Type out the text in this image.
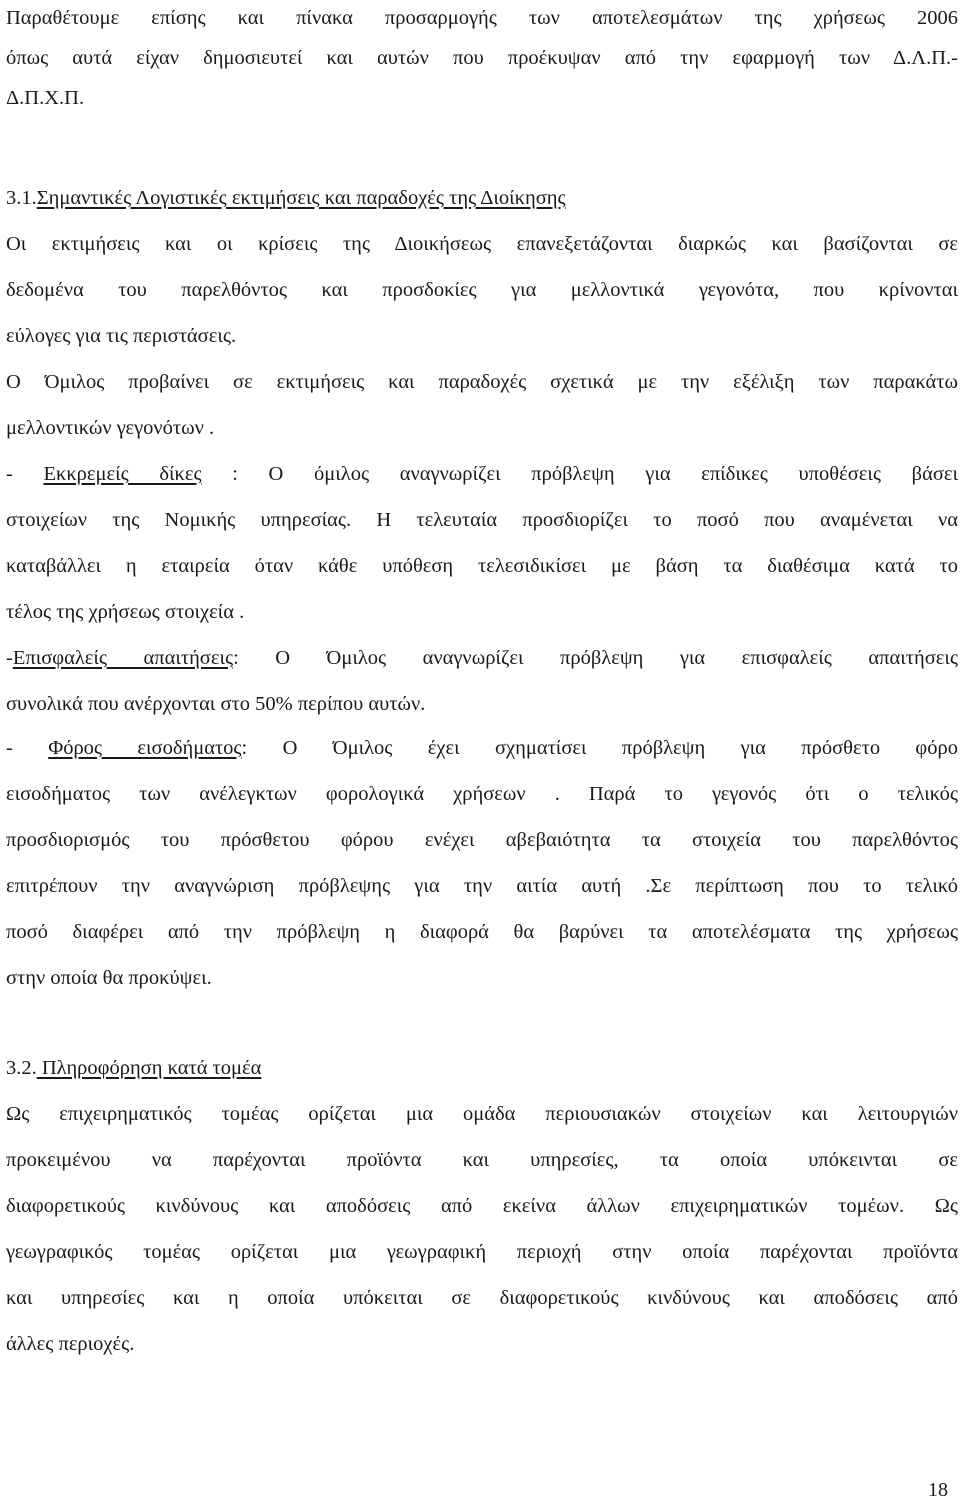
Παραθέτουμε επίσης και πίνακα προσαρμογής των αποτελεσμάτων της χρήσεως 2006
όπως αυτά είχαν δημοσιευτεί και αυτών που προέκυψαν από την εφαρμογή των Δ.Λ.Π.-
Δ.Π.Χ.Π.
3.1.Σημαντικές Λογιστικές εκτιμήσεις και παραδοχές της Διοίκησης
Οι εκτιμήσεις και οι κρίσεις της Διοικήσεως επανεξετάζονται διαρκώς και βασίζονται σε
δεδομένα του παρελθόντος και προσδοκίες για μελλοντικά γεγονότα, που κρίνονται
εύλογες για τις περιστάσεις.
Ο Όμιλος προβαίνει σε εκτιμήσεις και παραδοχές σχετικά με την εξέλιξη των παρακάτω
μελλοντικών γεγονότων .
- Εκκρεμείς δίκες : Ο όμιλος αναγνωρίζει πρόβλεψη για επίδικες υποθέσεις βάσει
στοιχείων της Νομικής υπηρεσίας. Η τελευταία προσδιορίζει το ποσό που αναμένεται να
καταβάλλει η εταιρεία όταν κάθε υπόθεση τελεσιδικίσει με βάση τα διαθέσιμα κατά το
τέλος της χρήσεως στοιχεία .
-Επισφαλείς απαιτήσεις: Ο Όμιλος αναγνωρίζει πρόβλεψη για επισφαλείς απαιτήσεις
συνολικά που ανέρχονται στο 50% περίπου αυτών.
- Φόρος εισοδήματος: Ο Όμιλος έχει σχηματίσει πρόβλεψη για πρόσθετο φόρο
εισοδήματος των ανέλεγκτων φορολογικά χρήσεων . Παρά το γεγονός ότι ο τελικός
προσδιορισμός του πρόσθετου φόρου ενέχει αβεβαιότητα τα στοιχεία του παρελθόντος
επιτρέπουν την αναγνώριση πρόβλεψης για την αιτία αυτή .Σε περίπτωση που το τελικό
ποσό διαφέρει από την πρόβλεψη η διαφορά θα βαρύνει τα αποτελέσματα της χρήσεως
στην οποία θα προκύψει.
3.2. Πληροφόρηση κατά τομέα
Ως επιχειρηματικός τομέας ορίζεται μια ομάδα περιουσιακών στοιχείων και λειτουργιών
προκειμένου να παρέχονται προϊόντα και υπηρεσίες, τα οποία υπόκεινται σε
διαφορετικούς κινδύνους και αποδόσεις από εκείνα άλλων επιχειρηματικών τομέων. Ως
γεωγραφικός τομέας ορίζεται μια γεωγραφική περιοχή στην οποία παρέχονται προϊόντα
και υπηρεσίες και η οποία υπόκειται σε διαφορετικούς κινδύνους και αποδόσεις από
άλλες περιοχές.
18
